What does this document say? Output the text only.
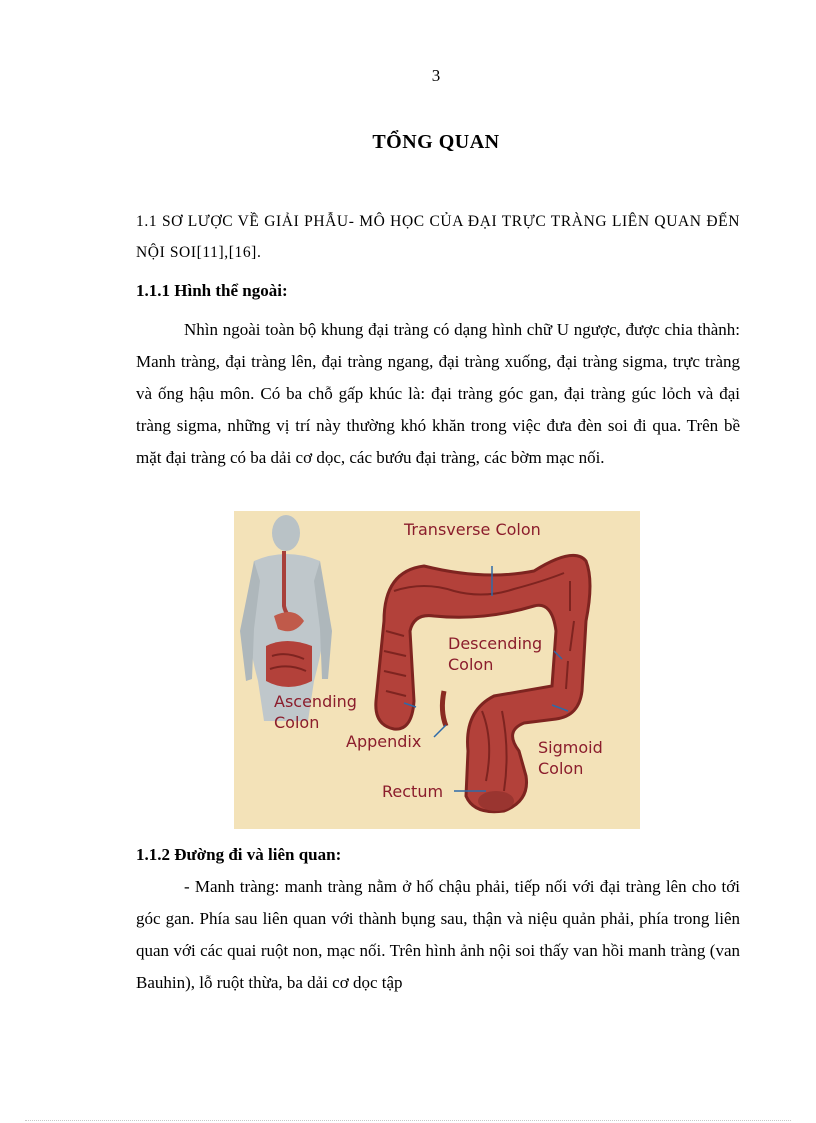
3
TỔNG QUAN
1.1 SƠ LƯỢC VỀ GIẢI PHẪU- MÔ HỌC CỦA ĐẠI TRỰC TRÀNG LIÊN QUAN ĐẾN NỘI SOI[11],[16].
1.1.1 Hình thể ngoài:

Nhìn ngoài toàn bộ khung đại tràng có dạng hình chữ U ngược, được chia thành: Manh tràng, đại tràng lên, đại tràng ngang, đại tràng xuống, đại tràng sigma, trực tràng và ống hậu môn. Có ba chỗ gấp khúc là: đại tràng góc gan, đại tràng gúc lỏch và đại tràng sigma, những vị trí này thường khó khăn trong việc đưa đèn soi đi qua. Trên bề mặt đại tràng có ba dải cơ dọc, các bướu đại tràng, các bờm mạc nối.

Transverse Colon
Descending
Colon
Ascending
Colon
Appendix	Sigmoid
Colon
Rectum
1.1.2 Đường đi và liên quan:

- Manh tràng: manh tràng nằm ở hố chậu phải, tiếp nối với đại tràng lên cho tới góc gan. Phía sau liên quan với thành bụng sau, thận và niệu quản phải, phía trong liên quan với các quai ruột non, mạc nối. Trên hình ảnh nội soi thấy van hồi manh tràng (van Bauhin), lỗ ruột thừa, ba dải cơ dọc tập
